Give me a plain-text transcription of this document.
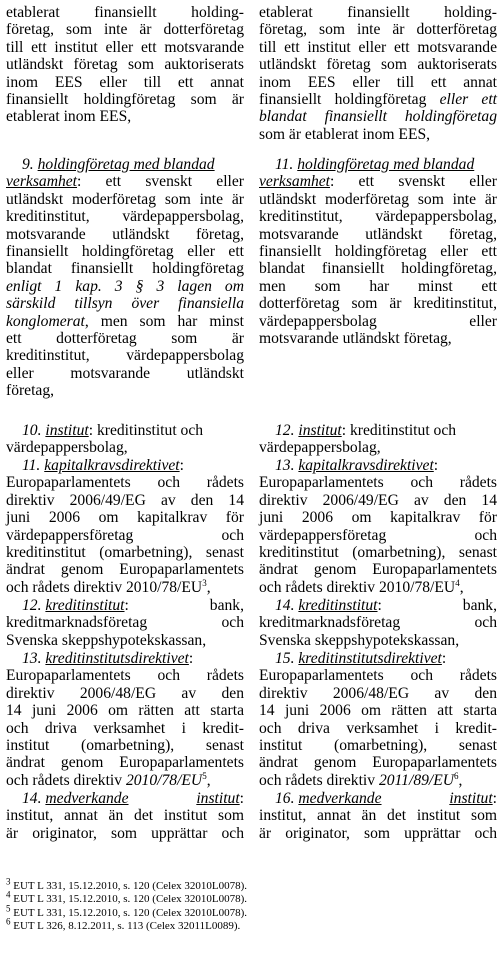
etablerat finansiellt holding-
företag, som inte är dotterföretag
till ett institut eller ett motsvarande
utländskt företag som auktoriserats
inom EES eller till ett annat
finansiellt holdingföretag som är
etablerat inom EES,
9. holdingföretag med blandad
verksamhet: ett svenskt eller
utländskt moderföretag som inte är
kreditinstitut, värdepappersbolag,
motsvarande utländskt företag,
finansiellt holdingföretag eller ett
blandat finansiellt holdingföretag
enligt 1 kap. 3 § 3 lagen om
särskild tillsyn över finansiella
konglomerat, men som har minst
ett dotterföretag som är
kreditinstitut, värdepappersbolag
eller motsvarande utländskt
företag,
10. institut: kreditinstitut och
värdepappersbolag,
11. kapitalkravsdirektivet:
Europaparlamentets och rådets
direktiv 2006/49/EG av den 14
juni 2006 om kapitalkrav för
värdepappersföretag och
kreditinstitut (omarbetning), senast
ändrat genom Europaparlamentets
och rådets direktiv $2010/78/EU^3$,
12. kreditinstitut:	bank,
kreditmarknadsföretag och
Svenska skeppshypotekskassan,
13. kreditinstitutsdirektivet:
Europaparlamentets och rådets
direktiv 2006/48/EG av den
14 juni 2006 om rätten att starta
och driva verksamhet i kredit-
institut (omarbetning), senast
ändrat genom Europaparlamentets
och rådets direktiv $2010/78/EU^5$,
14. medverkande	institut:
institut, annat än det institut som
är originator, som upprättar och
etablerat finansiellt holding-
företag, som inte är dotterföretag
till ett institut eller ett motsvarande
utländskt företag som auktoriserats
inom EES eller till ett annat
finansiellt holdingföretag eller ett
blandat finansiellt holdingföretag
som är etablerat inom EES,
11. holdingföretag med blandad
verksamhet: ett svenskt eller
utländskt moderföretag som inte är
kreditinstitut, värdepappersbolag,
motsvarande utländskt företag,
finansiellt holdingföretag eller ett
blandat finansiellt holdingföretag,
men som har minst ett
dotterföretag som är kreditinstitut,
värdepappersbolag eller
motsvarande utländskt företag,
12. institut: kreditinstitut och
värdepappersbolag,
13. kapitalkravsdirektivet:
Europaparlamentets och rådets
direktiv 2006/49/EG av den 14
juni 2006 om kapitalkrav för
värdepappersföretag och
kreditinstitut (omarbetning), senast
ändrat genom Europaparlamentets
och rådets direktiv $2010/78/EU^4$,
14. kreditinstitut:	bank,
kreditmarknadsföretag och
Svenska skeppshypotekskassan,
15. kreditinstitutsdirektivet:
Europaparlamentets och rådets
direktiv 2006/48/EG av den
14 juni 2006 om rätten att starta
och driva verksamhet i kredit-
institut (omarbetning), senast
ändrat genom Europaparlamentets
och rådets direktiv $2011/89/EU^6$,
16. medverkande	institut:
institut, annat än det institut som
är originator, som upprättar och
$^3$ EUT L 331, 15.12.2010, s. 120 (Celex 32010L0078).
$^4$ EUT L 331, 15.12.2010, s. 120 (Celex 32010L0078).
$^5$ EUT L 331, 15.12.2010, s. 120 (Celex 32010L0078).
$^6$ EUT L 326, 8.12.2011, s. 113 (Celex 32011L0089).
